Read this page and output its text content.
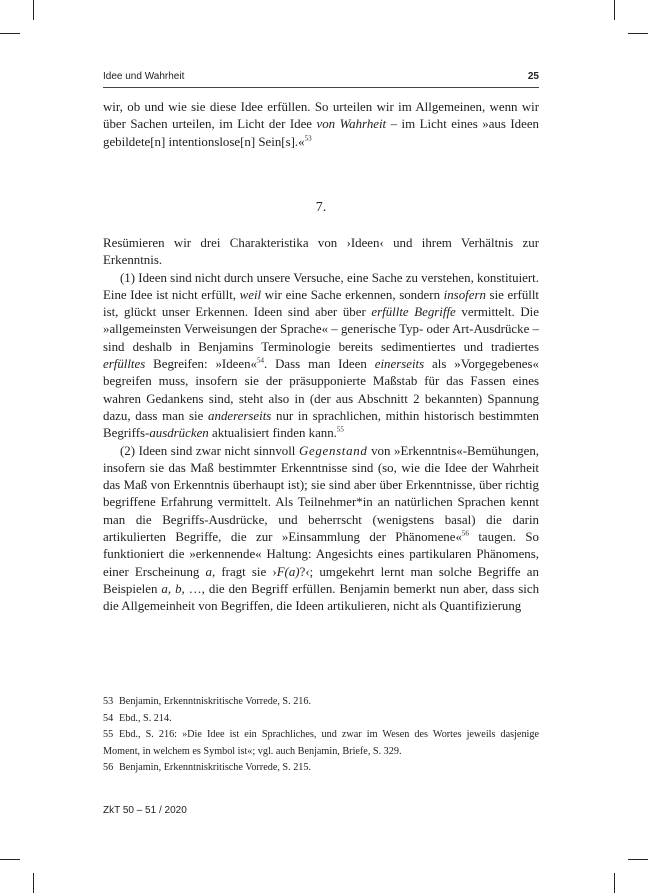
Idee und Wahrheit	25

wir, ob und wie sie diese Idee erfüllen. So urteilen wir im Allgemeinen, wenn wir über Sachen urteilen, im Licht der Idee von Wahrheit – im Licht eines »aus Ideen gebildete[n] intentionslose[n] Sein[s].«$^{53}$

7.

Resümieren wir drei Charakteristika von ›Ideen‹ und ihrem Verhältnis zur Erkenntnis.

(1) Ideen sind nicht durch unsere Versuche, eine Sache zu verstehen, konstituiert. Eine Idee ist nicht erfüllt, weil wir eine Sache erkennen, sondern insofern sie erfüllt ist, glückt unser Erkennen. Ideen sind aber über erfüllte Begriffe vermittelt. Die »allgemeinsten Verweisungen der Sprache« – generische Typ- oder Art-Ausdrücke – sind deshalb in Benjamins Terminologie bereits sedimentiertes und tradiertes erfülltes Begreifen: »Ideen«$^{54}$. Dass man Ideen einerseits als »Vorgegebenes« begreifen muss, insofern sie der präsupponierte Maßstab für das Fassen eines wahren Gedankens sind, steht also in (der aus Abschnitt 2 bekannten) Spannung dazu, dass man sie andererseits nur in sprachlichen, mithin historisch bestimmten Begriffs-ausdrücken aktualisiert finden kann.$^{55}$

(2) Ideen sind zwar nicht sinnvoll Gegenstand von »Erkenntnis«-Bemühungen, insofern sie das Maß bestimmter Erkenntnisse sind (so, wie die Idee der Wahrheit das Maß von Erkenntnis überhaupt ist); sie sind aber über Erkenntnisse, über richtig begriffene Erfahrung vermittelt. Als Teilnehmer*in an natürlichen Sprachen kennt man die Begriffs-Ausdrücke, und beherrscht (wenigstens basal) die darin artikulierten Begriffe, die zur »Einsammlung der Phänomene«$^{56}$ taugen. So funktioniert die »erkennende« Haltung: Angesichts eines partikularen Phänomens, einer Erscheinung a, fragt sie ›F(a)?‹; umgekehrt lernt man solche Begriffe an Beispielen a, b, …, die den Begriff erfüllen. Benjamin bemerkt nun aber, dass sich die Allgemeinheit von Begriffen, die Ideen artikulieren, nicht als Quantifizierung

53 Benjamin, Erkenntniskritische Vorrede, S. 216.

54 Ebd., S. 214.

55 Ebd., S. 216: »Die Idee ist ein Sprachliches, und zwar im Wesen des Wortes jeweils dasjenige Moment, in welchem es Symbol ist«; vgl. auch Benjamin, Briefe, S. 329.

56 Benjamin, Erkenntniskritische Vorrede, S. 215.

ZkT 50 – 51 / 2020
